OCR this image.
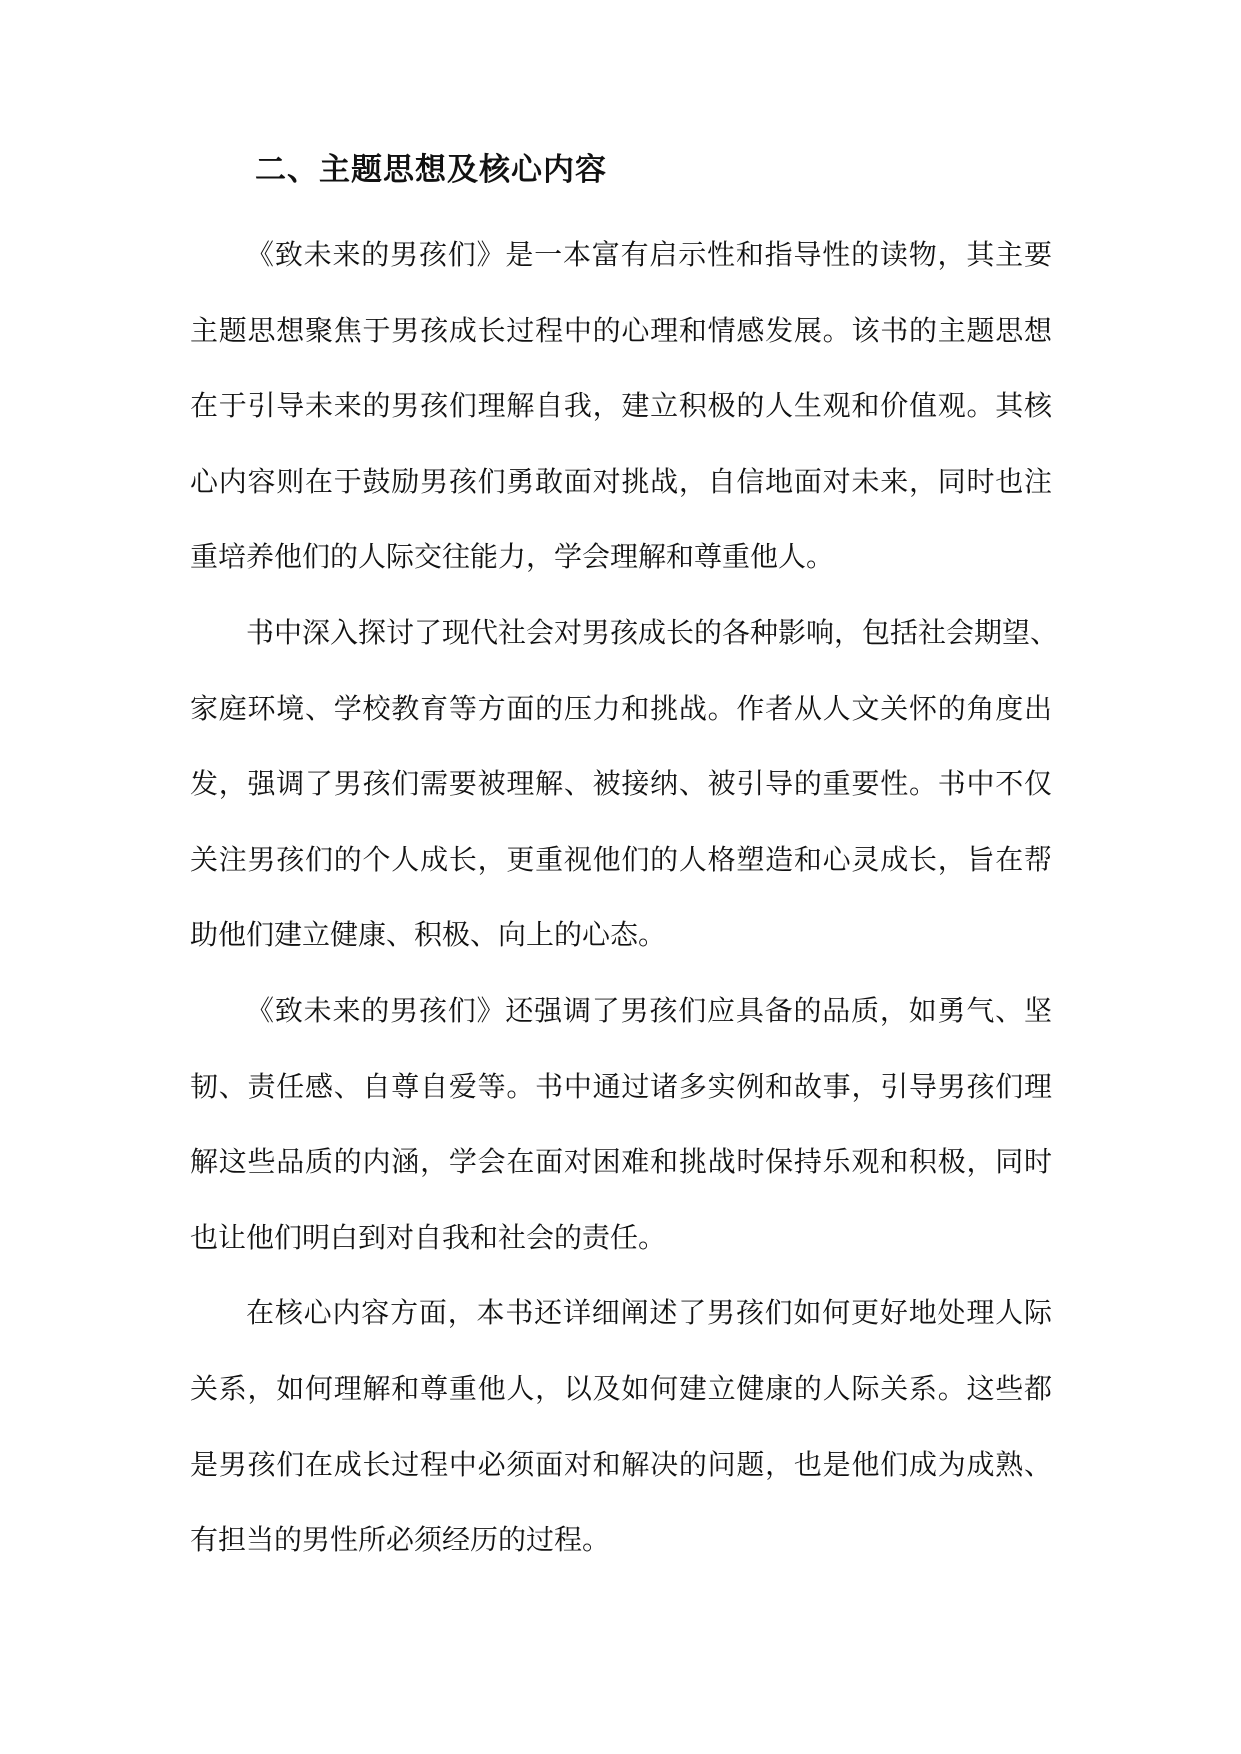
二、主题思想及核心内容
《致未来的男孩们》是一本富有启示性和指导性的读物，其主要
主题思想聚焦于男孩成长过程中的心理和情感发展。该书的主题思想
在于引导未来的男孩们理解自我，建立积极的人生观和价值观。其核
心内容则在于鼓励男孩们勇敢面对挑战，自信地面对未来，同时也注
重培养他们的人际交往能力，学会理解和尊重他人。
书中深入探讨了现代社会对男孩成长的各种影响，包括社会期望、
家庭环境、学校教育等方面的压力和挑战。作者从人文关怀的角度出
发，强调了男孩们需要被理解、被接纳、被引导的重要性。书中不仅
关注男孩们的个人成长，更重视他们的人格塑造和心灵成长，旨在帮
助他们建立健康、积极、向上的心态。
《致未来的男孩们》还强调了男孩们应具备的品质，如勇气、坚
韧、责任感、自尊自爱等。书中通过诸多实例和故事，引导男孩们理
解这些品质的内涵，学会在面对困难和挑战时保持乐观和积极，同时
也让他们明白到对自我和社会的责任。
在核心内容方面，本书还详细阐述了男孩们如何更好地处理人际
关系，如何理解和尊重他人，以及如何建立健康的人际关系。这些都
是男孩们在成长过程中必须面对和解决的问题，也是他们成为成熟、
有担当的男性所必须经历的过程。
